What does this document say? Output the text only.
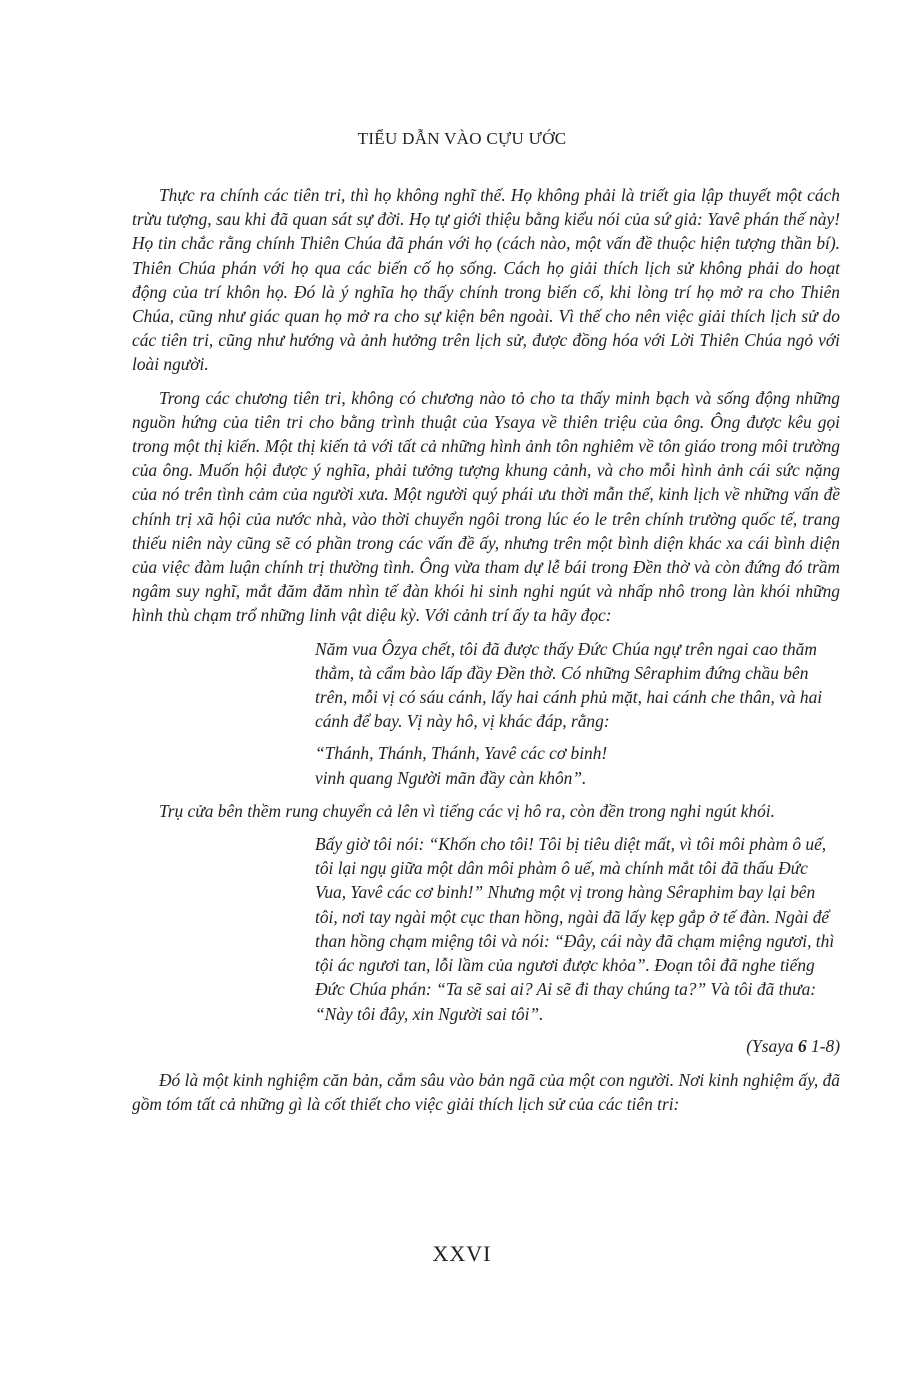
TIỂU DẪN VÀO CỰU ƯỚC

Thực ra chính các tiên tri, thì họ không nghĩ thế. Họ không phải là triết gia lập thuyết một cách trừu tượng, sau khi đã quan sát sự đời. Họ tự giới thiệu bằng kiểu nói của sứ giả: Yavê phán thế này! Họ tin chắc rằng chính Thiên Chúa đã phán với họ (cách nào, một vấn đề thuộc hiện tượng thần bí). Thiên Chúa phán với họ qua các biến cố họ sống. Cách họ giải thích lịch sử không phải do hoạt động của trí khôn họ. Đó là ý nghĩa họ thấy chính trong biến cố, khi lòng trí họ mở ra cho Thiên Chúa, cũng như giác quan họ mở ra cho sự kiện bên ngoài. Vì thế cho nên việc giải thích lịch sử do các tiên tri, cũng như hướng và ảnh hưởng trên lịch sử, được đồng hóa với Lời Thiên Chúa ngỏ với loài người.

Trong các chương tiên tri, không có chương nào tỏ cho ta thấy minh bạch và sống động những nguồn hứng của tiên tri cho bằng trình thuật của Ysaya về thiên triệu của ông. Ông được kêu gọi trong một thị kiến. Một thị kiến tả với tất cả những hình ảnh tôn nghiêm về tôn giáo trong môi trường của ông. Muốn hội được ý nghĩa, phải tưởng tượng khung cảnh, và cho mỗi hình ảnh cái sức nặng của nó trên tình cảm của người xưa. Một người quý phái ưu thời mẫn thế, kinh lịch về những vấn đề chính trị xã hội của nước nhà, vào thời chuyển ngôi trong lúc éo le trên chính trường quốc tế, trang thiếu niên này cũng sẽ có phần trong các vấn đề ấy, nhưng trên một bình diện khác xa cái bình diện của việc đàm luận chính trị thường tình. Ông vừa tham dự lễ bái trong Đền thờ và còn đứng đó trầm ngâm suy nghĩ, mắt đăm đăm nhìn tế đàn khói hi sinh nghi ngút và nhấp nhô trong làn khói những hình thù chạm trổ những linh vật diệu kỳ. Với cảnh trí ấy ta hãy đọc:

Năm vua Ôzya chết, tôi đã được thấy Đức Chúa ngự trên ngai cao thăm thẳm, tà cẩm bào lấp đầy Đền thờ. Có những Sêraphim đứng chầu bên trên, mỗi vị có sáu cánh, lấy hai cánh phủ mặt, hai cánh che thân, và hai cánh để bay. Vị này hô, vị khác đáp, rằng:

“Thánh, Thánh, Thánh, Yavê các cơ binh!
vinh quang Người mãn đầy càn khôn”.

Trụ cửa bên thềm rung chuyển cả lên vì tiếng các vị hô ra, còn đền trong nghi ngút khói.

Bấy giờ tôi nói: “Khốn cho tôi! Tôi bị tiêu diệt mất, vì tôi môi phàm ô uế, tôi lại ngụ giữa một dân môi phàm ô uế, mà chính mắt tôi đã thấu Đức Vua, Yavê các cơ binh!” Nhưng một vị trong hàng Sêraphim bay lại bên tôi, nơi tay ngài một cục than hồng, ngài đã lấy kẹp gắp ở tế đàn. Ngài để than hồng chạm miệng tôi và nói: “Đây, cái này đã chạm miệng ngươi, thì tội ác ngươi tan, lỗi lầm của ngươi được khỏa”. Đoạn tôi đã nghe tiếng Đức Chúa phán: “Ta sẽ sai ai? Ai sẽ đi thay chúng ta?” Và tôi đã thưa: “Này tôi đây, xin Người sai tôi”.

(Ysaya 6 1-8)

Đó là một kinh nghiệm căn bản, cắm sâu vào bản ngã của một con người. Nơi kinh nghiệm ấy, đã gồm tóm tất cả những gì là cốt thiết cho việc giải thích lịch sử của các tiên tri:

XXVI
